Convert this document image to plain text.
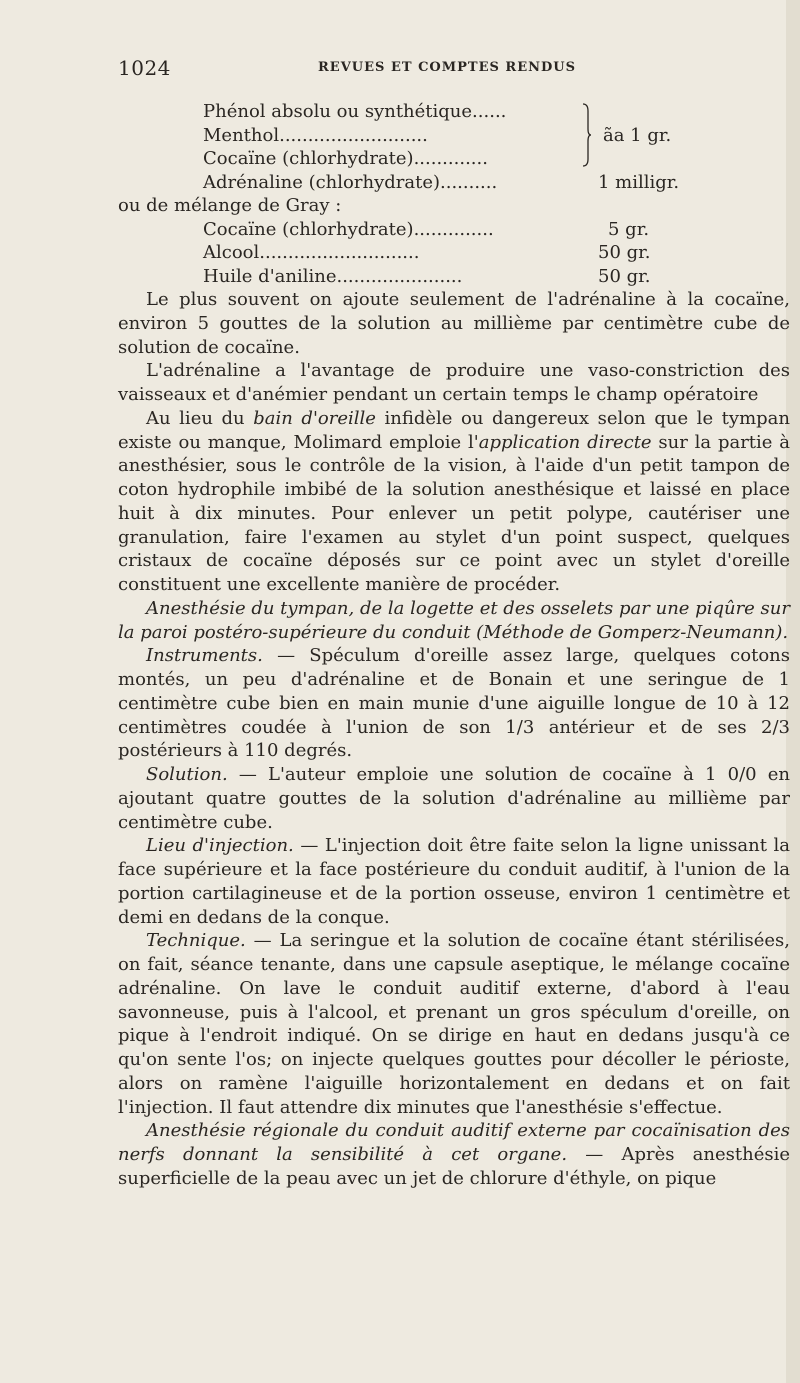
1024	REVUES ET COMPTES RENDUS
Phénol absolu ou synthétique......
Menthol..........................
Cocaïne (chlorhydrate).............
ãa 1 gr.
Adrénaline (chlorhydrate)..........	1 milligr.
ou de mélange de Gray :
Cocaïne (chlorhydrate)..............	5 gr.
Alcool............................	50 gr.
Huile d'aniline......................	50 gr.

Le plus souvent on ajoute seulement de l'adrénaline à la cocaïne, environ 5 gouttes de la solution au millième par centimètre cube de solution de cocaïne.

L'adrénaline a l'avantage de produire une vaso-constriction des vaisseaux et d'anémier pendant un certain temps le champ opératoire

Au lieu du bain d'oreille infidèle ou dangereux selon que le tympan existe ou manque, Molimard emploie l'application directe sur la partie à anesthésier, sous le contrôle de la vision, à l'aide d'un petit tampon de coton hydrophile imbibé de la solution anesthésique et laissé en place huit à dix minutes. Pour enlever un petit polype, cautériser une granulation, faire l'examen au stylet d'un point suspect, quelques cristaux de cocaïne déposés sur ce point avec un stylet d'oreille constituent une excellente manière de procéder.

Anesthésie du tympan, de la logette et des osselets par une piqûre sur la paroi postéro-supérieure du conduit (Méthode de Gomperz-Neumann).

Instruments. — Spéculum d'oreille assez large, quelques cotons montés, un peu d'adrénaline et de Bonain et une seringue de 1 centimètre cube bien en main munie d'une aiguille longue de 10 à 12 centimètres coudée à l'union de son 1/3 antérieur et de ses 2/3 postérieurs à 110 degrés.

Solution. — L'auteur emploie une solution de cocaïne à 1 0/0 en ajoutant quatre gouttes de la solution d'adrénaline au millième par centimètre cube.

Lieu d'injection. — L'injection doit être faite selon la ligne unissant la face supérieure et la face postérieure du conduit auditif, à l'union de la portion cartilagineuse et de la portion osseuse, environ 1 centimètre et demi en dedans de la conque.

Technique. — La seringue et la solution de cocaïne étant stérilisées, on fait, séance tenante, dans une capsule aseptique, le mélange cocaïne adrénaline. On lave le conduit auditif externe, d'abord à l'eau savonneuse, puis à l'alcool, et prenant un gros spéculum d'oreille, on pique à l'endroit indiqué. On se dirige en haut en dedans jusqu'à ce qu'on sente l'os; on injecte quelques gouttes pour décoller le périoste, alors on ramène l'aiguille horizontalement en dedans et on fait l'injection. Il faut attendre dix minutes que l'anesthésie s'effectue.

Anesthésie régionale du conduit auditif externe par cocaïnisation des nerfs donnant la sensibilité à cet organe. — Après anesthésie superficielle de la peau avec un jet de chlorure d'éthyle, on pique
